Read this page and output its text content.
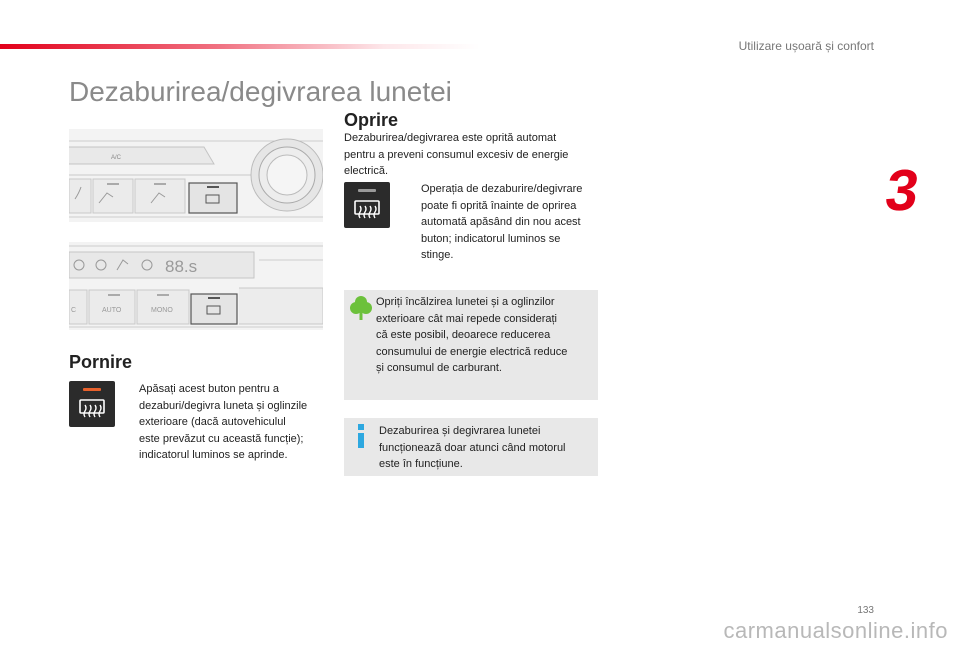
Utilizare ușoară și confort
3
Dezaburirea/degivrarea lunetei
A/C
88.s
C	AUTO	MONO
Pornire
Apăsați acest buton pentru a
dezaburi/degivra luneta și oglinzile
exterioare (dacă autovehiculul
este prevăzut cu această funcție);
indicatorul luminos se aprinde.
Oprire
Dezaburirea/degivrarea este oprită automat
pentru a preveni consumul excesiv de energie
electrică.
Operația de dezaburire/degivrare
poate fi oprită înainte de oprirea
automată apăsând din nou acest
buton; indicatorul luminos se
stinge.
Opriți încălzirea lunetei și a oglinzilor
exterioare cât mai repede considerați
că este posibil, deoarece reducerea
consumului de energie electrică reduce
și consumul de carburant.
Dezaburirea și degivrarea lunetei
funcționează doar atunci când motorul
este în funcțiune.
133
carmanualsonline.info
